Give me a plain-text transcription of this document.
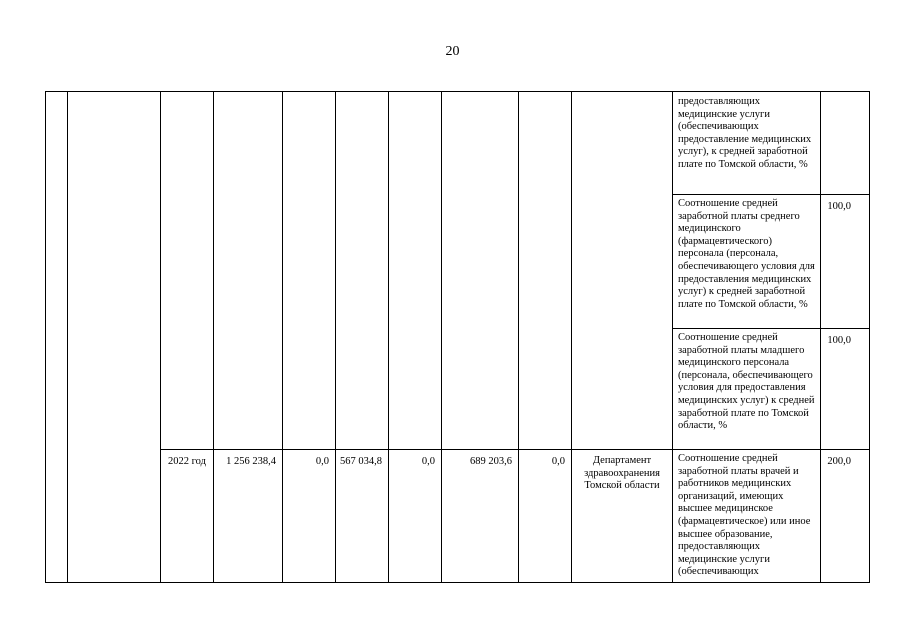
20
										предоставляющих медицинские услуги (обеспечивающих предоставление медицинских услуг), к средней заработной плате по Томской области, %	
										Соотношение средней заработной платы среднего медицинского (фармацевтического) персонала (персонала, обеспечивающего условия для предоставления медицинских услуг) к средней заработной плате по Томской области, %	100,0
										Соотношение средней заработной платы младшего медицинского персонала (персонала, обеспечивающего условия для предоставления медицинских услуг) к средней заработной плате по Томской области, %	100,0
		2022 год	1 256 238,4	0,0	567 034,8	0,0	689 203,6	0,0	Департамент здравоохранения Томской области	Соотношение средней заработной платы врачей и работников медицинских организаций, имеющих высшее медицинское (фармацевтическое) или иное высшее образование, предоставляющих медицинские услуги (обеспечивающих	200,0
